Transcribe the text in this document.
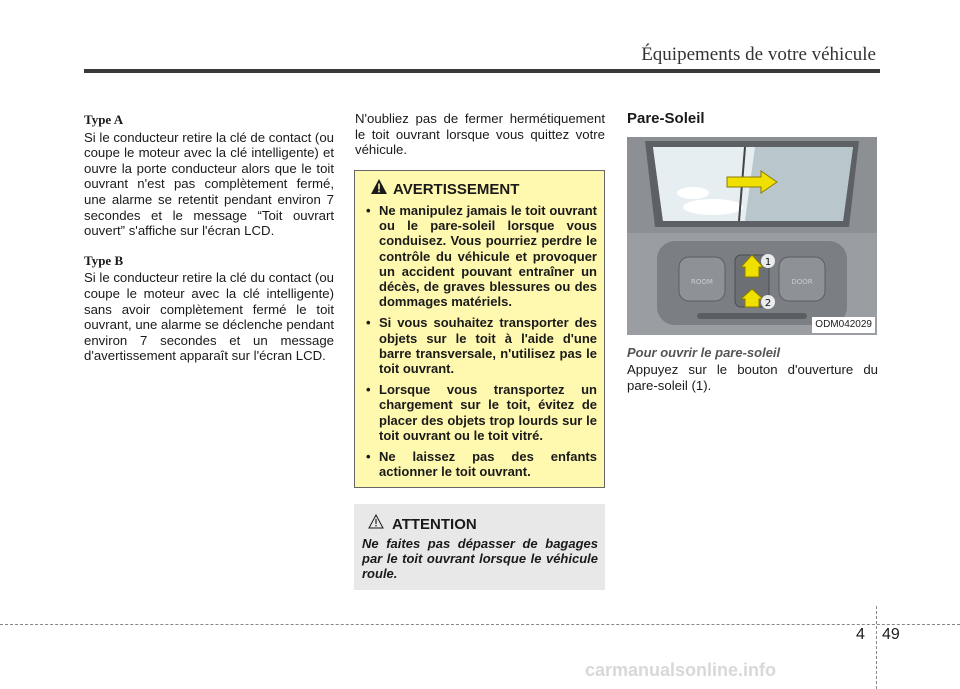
Équipements de votre véhicule
Type A

Si le conducteur retire la clé de contact (ou coupe le moteur avec la clé intelligente) et ouvre la porte conducteur alors que le toit ouvrant n'est pas complètement fermé, une alarme se retentit pendant environ 7 secondes et le message “Toit ouvrart ouvert” s'affiche sur l'écran LCD.

Type B

Si le conducteur retire la clé du contact (ou coupe le moteur avec la clé intelligente) sans avoir complètement fermé le toit ouvrant, une alarme se déclenche pendant environ 7 secondes et un message d'avertissement apparaît sur l'écran LCD.

N'oubliez pas de fermer hermétiquement le toit ouvrant lorsque vous quittez votre véhicule.

AVERTISSEMENT
• Ne manipulez jamais le toit ouvrant ou le pare-soleil lorsque vous conduisez. Vous pourriez perdre le contrôle du véhicule et provoquer un accident pouvant entraîner un décès, de graves blessures ou des dommages matériels.
• Si vous souhaitez transporter des objets sur le toit à l'aide d'une barre transversale, n'utilisez pas le toit ouvrant.
• Lorsque vous transportez un chargement sur le toit, évitez de placer des objets trop lourds sur le toit ouvrant ou le toit vitré.
• Ne laissez pas des enfants actionner le toit ouvrant.
ATTENTION

Ne faites pas dépasser de bagages par le toit ouvrant lorsque le véhicule roule.

Pare-Soleil
ROOM	DOOR
1
2
ODM042029
Pour ouvrir le pare-soleil

Appuyez sur le bouton d'ouverture du pare-soleil (1).

4 49
carmanualsonline.info
